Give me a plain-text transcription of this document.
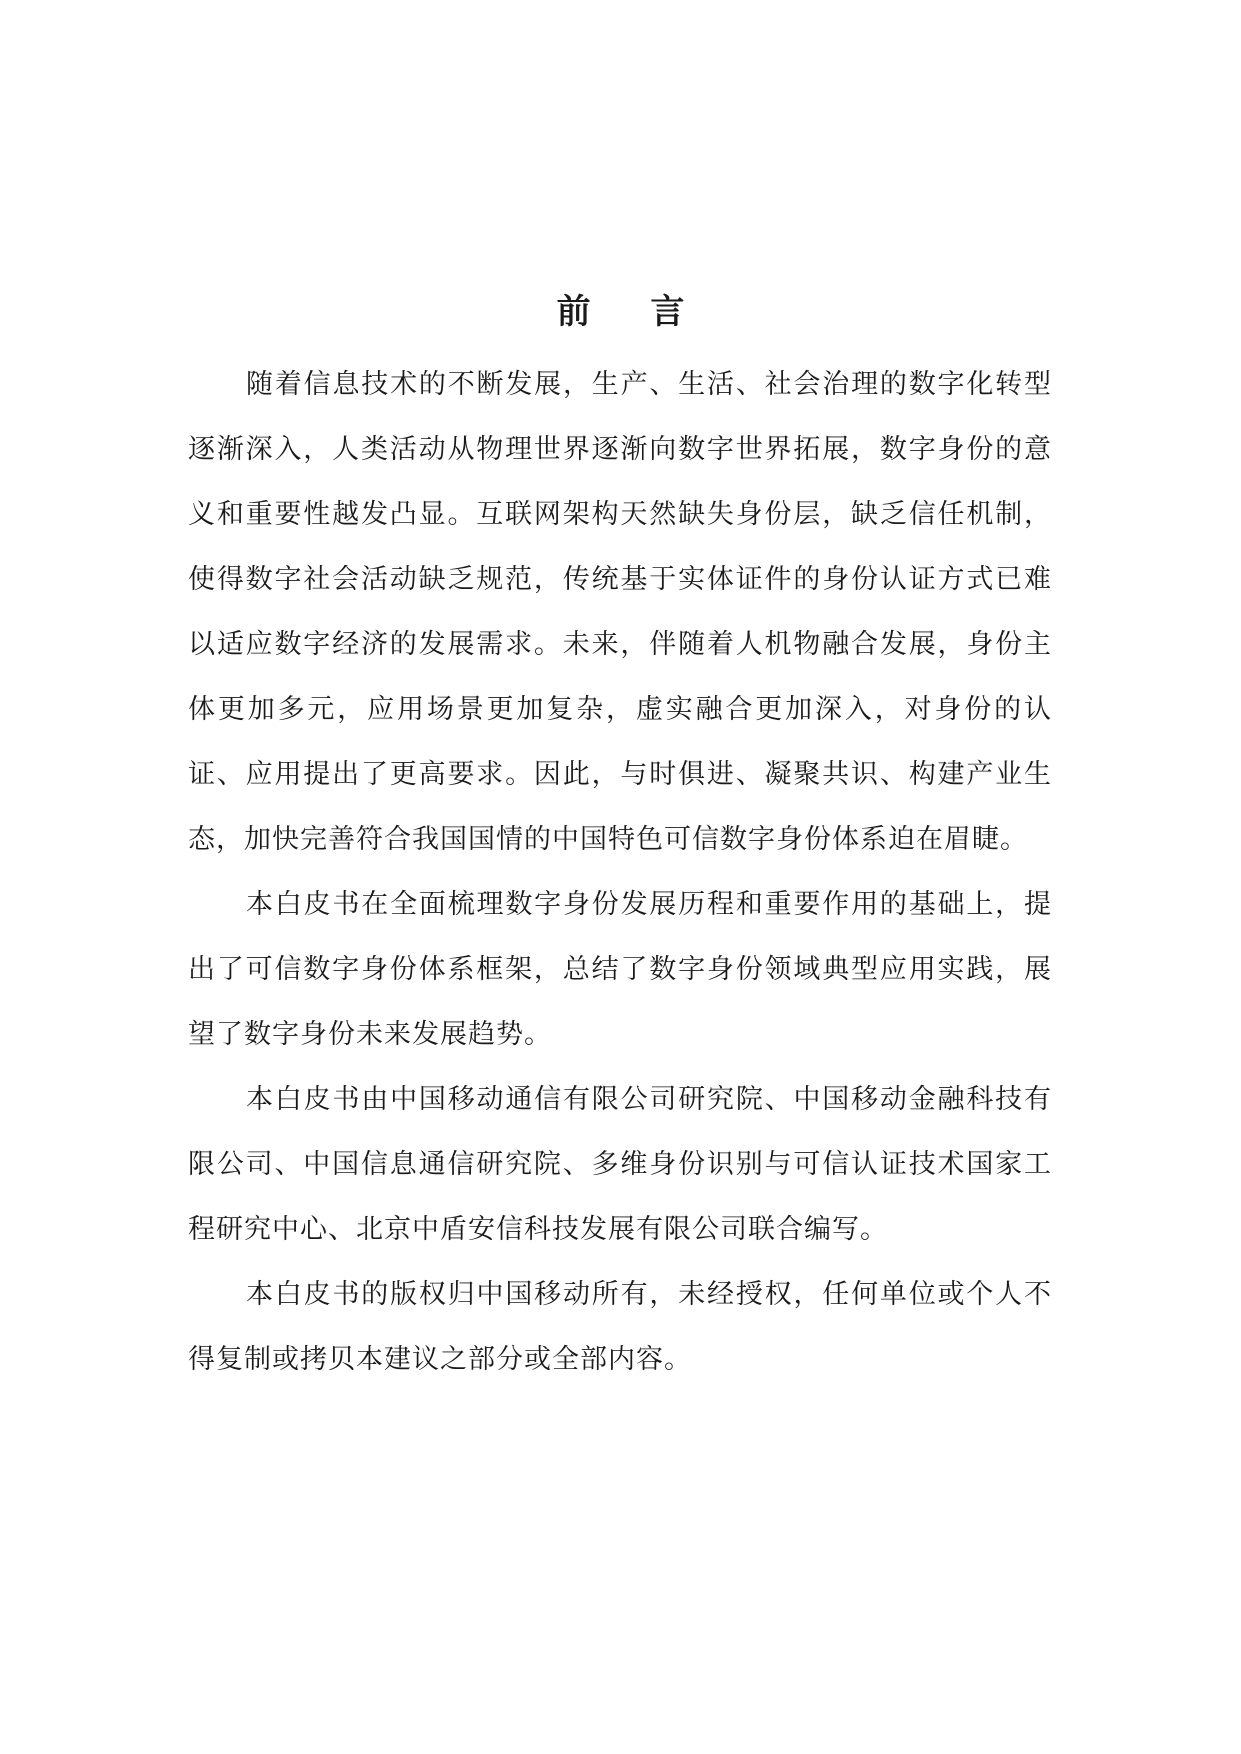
前 言

随着信息技术的不断发展，生产、生活、社会治理的数字化转型逐渐深入，人类活动从物理世界逐渐向数字世界拓展，数字身份的意义和重要性越发凸显。互联网架构天然缺失身份层，缺乏信任机制，使得数字社会活动缺乏规范，传统基于实体证件的身份认证方式已难以适应数字经济的发展需求。未来，伴随着人机物融合发展，身份主体更加多元，应用场景更加复杂，虚实融合更加深入，对身份的认证、应用提出了更高要求。因此，与时俱进、凝聚共识、构建产业生态，加快完善符合我国国情的中国特色可信数字身份体系迫在眉睫。

本白皮书在全面梳理数字身份发展历程和重要作用的基础上，提出了可信数字身份体系框架，总结了数字身份领域典型应用实践，展望了数字身份未来发展趋势。

本白皮书由中国移动通信有限公司研究院、中国移动金融科技有限公司、中国信息通信研究院、多维身份识别与可信认证技术国家工程研究中心、北京中盾安信科技发展有限公司联合编写。

本白皮书的版权归中国移动所有，未经授权，任何单位或个人不得复制或拷贝本建议之部分或全部内容。
